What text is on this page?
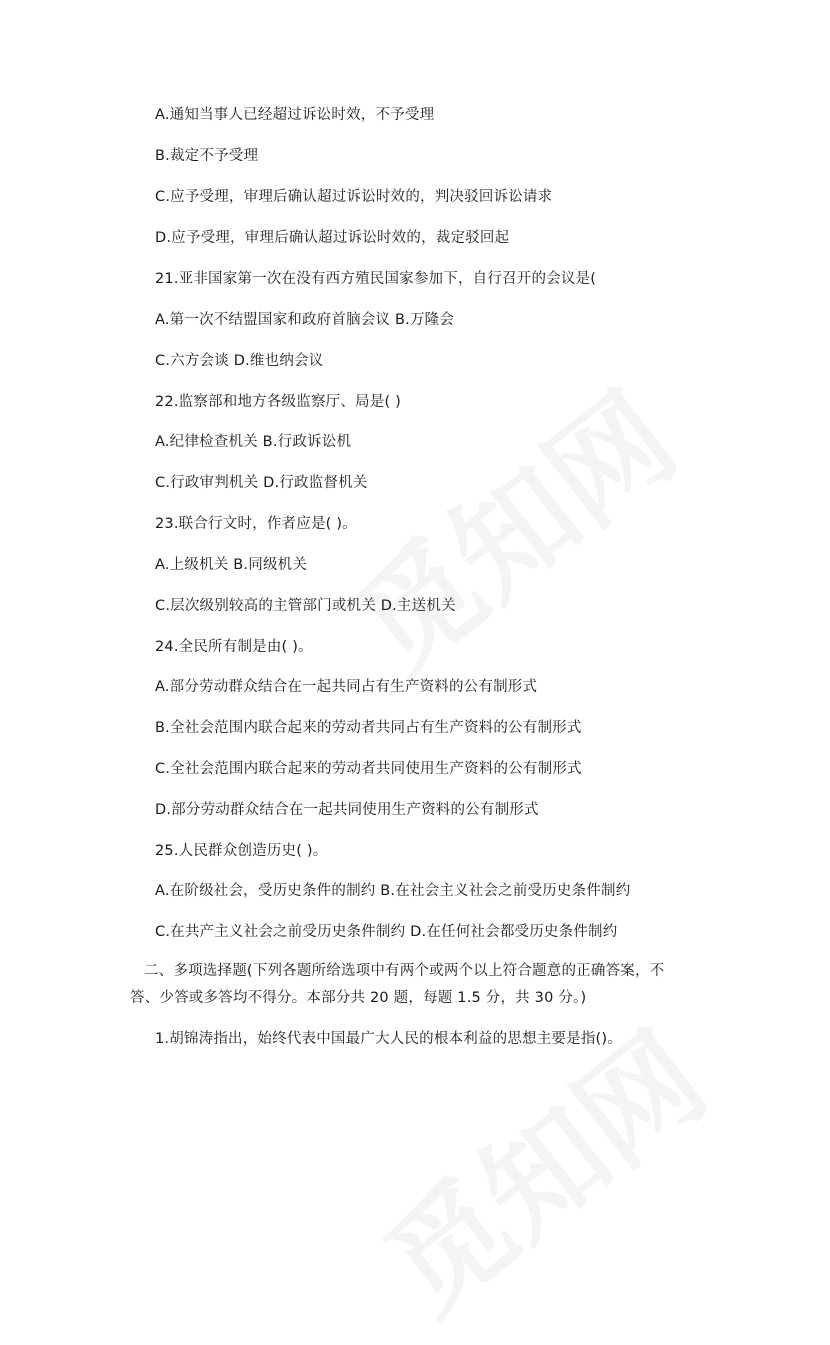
A.通知当事人已经超过诉讼时效，不予受理
B.裁定不予受理
C.应予受理，审理后确认超过诉讼时效的，判决驳回诉讼请求
D.应予受理，审理后确认超过诉讼时效的，裁定驳回起
21.亚非国家第一次在没有西方殖民国家参加下，自行召开的会议是(
A.第一次不结盟国家和政府首脑会议 B.万隆会
C.六方会谈 D.维也纳会议
22.监察部和地方各级监察厅、局是( )
A.纪律检查机关 B.行政诉讼机
C.行政审判机关 D.行政监督机关
23.联合行文时，作者应是( )。
A.上级机关 B.同级机关
C.层次级别较高的主管部门或机关 D.主送机关
24.全民所有制是由( )。
A.部分劳动群众结合在一起共同占有生产资料的公有制形式
B.全社会范围内联合起来的劳动者共同占有生产资料的公有制形式
C.全社会范围内联合起来的劳动者共同使用生产资料的公有制形式
D.部分劳动群众结合在一起共同使用生产资料的公有制形式
25.人民群众创造历史( )。
A.在阶级社会，受历史条件的制约 B.在社会主义社会之前受历史条件制约
C.在共产主义社会之前受历史条件制约 D.在任何社会都受历史条件制约
二、多项选择题(下列各题所给选项中有两个或两个以上符合题意的正确答案，不答、少答或多答均不得分。本部分共 20 题，每题 1.5 分，共 30 分。)
1.胡锦涛指出，始终代表中国最广大人民的根本利益的思想主要是指()。
